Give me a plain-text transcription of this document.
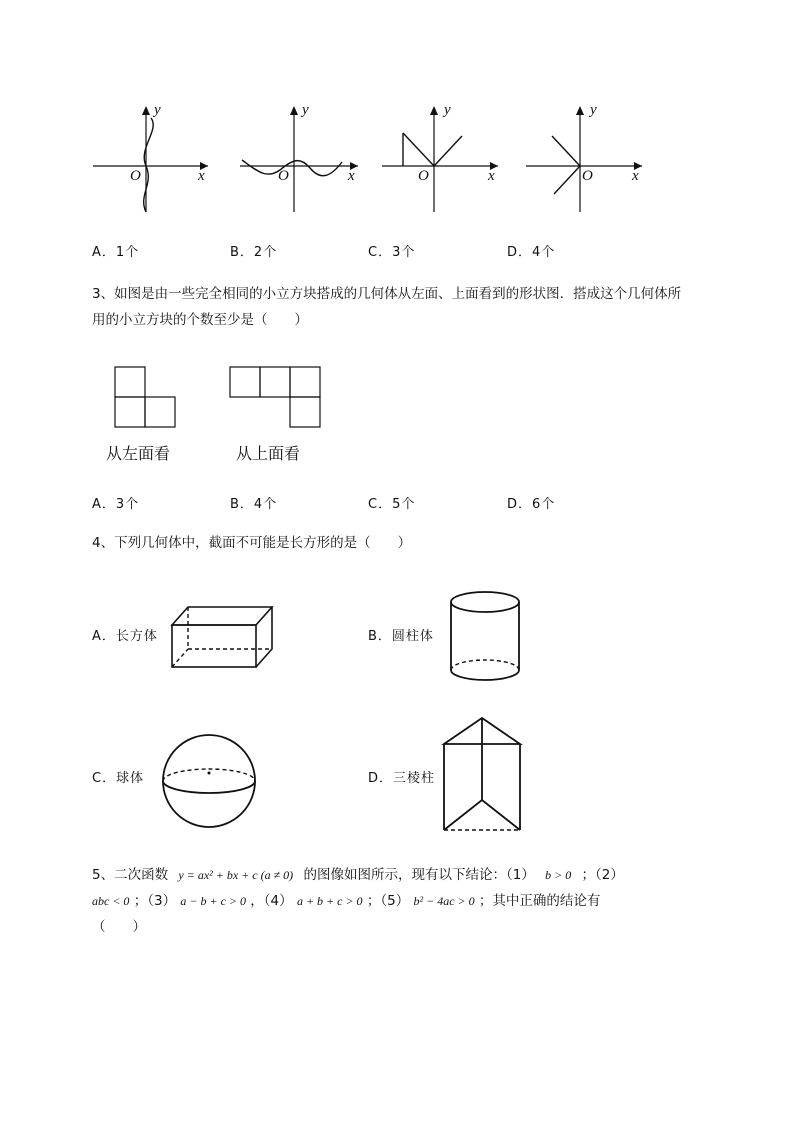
y
x
O
y
x
O
y
x
O
y
x
O
A．1个	B．2个	C．3个	D．4个
3、如图是由一些完全相同的小立方块搭成的几何体从左面、上面看到的形状图．搭成这个几何体所
用的小立方块的个数至少是（　　）
从左面看	从上面看
A．3个	B．4个	C．5个	D．6个
4、下列几何体中，截面不可能是长方形的是（　　）
A．长方体	B．圆柱体
C．球体	D．三棱柱
5、二次函数 y = ax² + bx + c (a ≠ 0) 的图像如图所示，现有以下结论：（1） b > 0 ；（2）
abc < 0 ；（3） a − b + c > 0 ，（4） a + b + c > 0 ；（5） b² − 4ac > 0 ；其中正确的结论有
（　　）
